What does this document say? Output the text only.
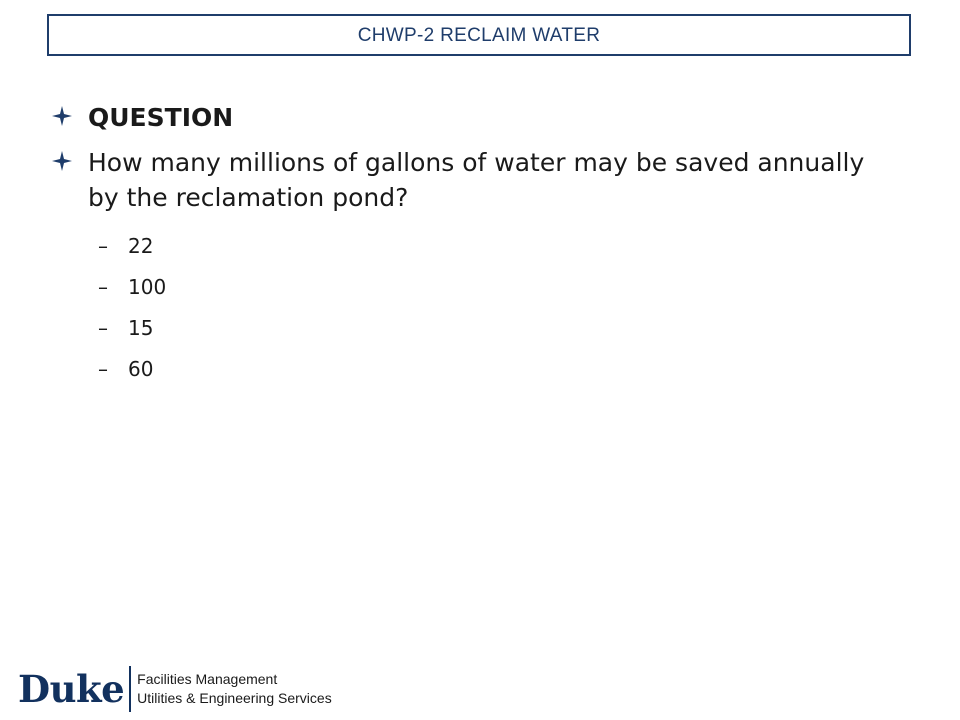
CHWP-2 RECLAIM WATER
QUESTION
How many millions of gallons of water may be saved annually by the reclamation pond?
–	22
–	100
–	15
–	60
Duke Facilities Management
Utilities & Engineering Services
